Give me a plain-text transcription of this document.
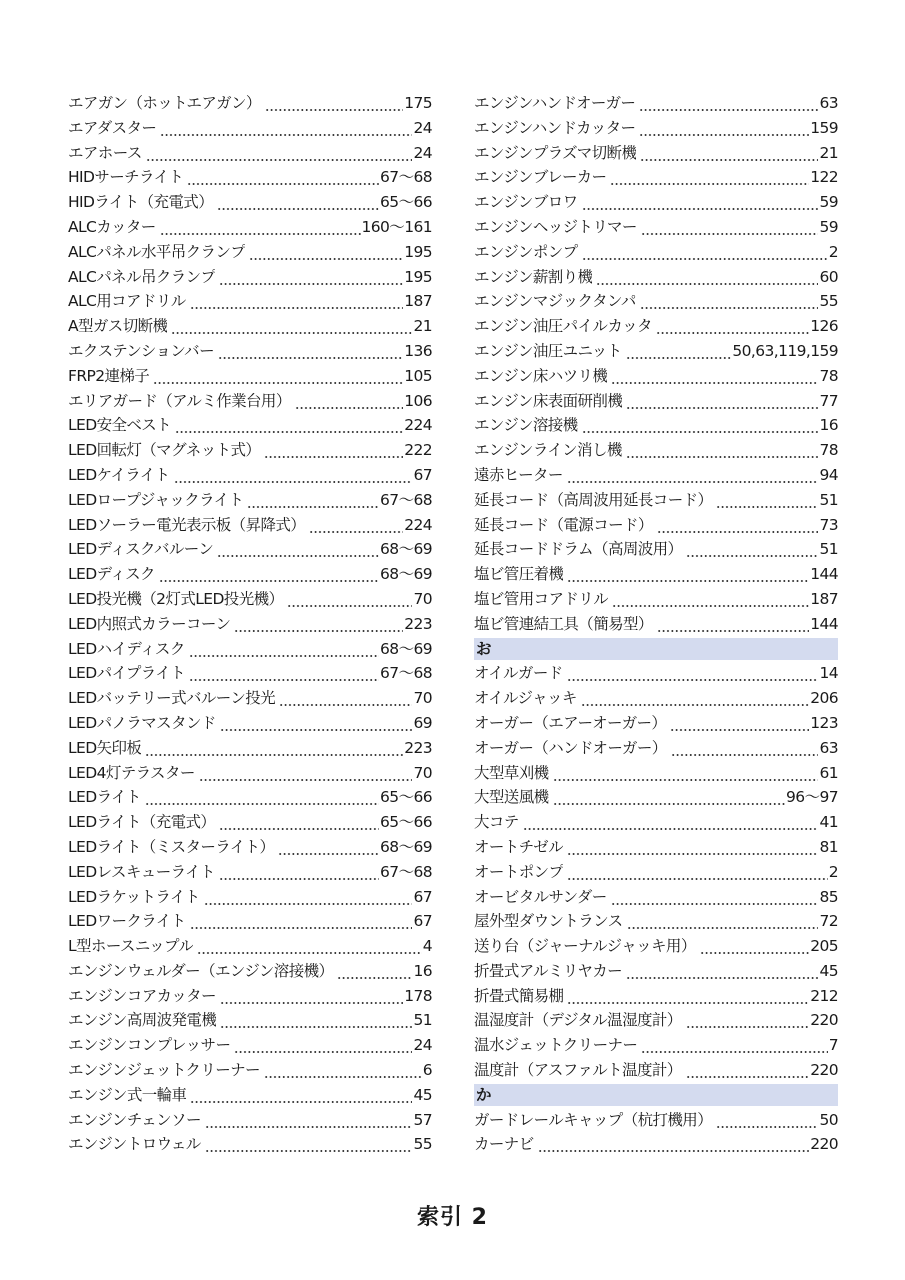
エアガン（ホットエアガン）	175
エアダスター	24
エアホース	24
HIDサーチライト	67～68
HIDライト（充電式）	65～66
ALCカッター	160～161
ALCパネル水平吊クランプ	195
ALCパネル吊クランプ	195
ALC用コアドリル	187
A型ガス切断機	21
エクステンションバー	136
FRP2連梯子	105
エリアガード（アルミ作業台用）	106
LED安全ベスト	224
LED回転灯（マグネット式）	222
LEDケイライト	67
LEDロープジャックライト	67～68
LEDソーラー電光表示板（昇降式）	224
LEDディスクバルーン	68～69
LEDディスク	68～69
LED投光機（2灯式LED投光機）	70
LED内照式カラーコーン	223
LEDハイディスク	68～69
LEDパイプライト	67～68
LEDバッテリー式バルーン投光	70
LEDパノラマスタンド	69
LED矢印板	223
LED4灯テラスター	70
LEDライト	65～66
LEDライト（充電式）	65～66
LEDライト（ミスターライト）	68～69
LEDレスキューライト	67～68
LEDラケットライト	67
LEDワークライト	67
L型ホースニップル	4
エンジンウェルダー（エンジン溶接機）	16
エンジンコアカッター	178
エンジン高周波発電機	51
エンジンコンプレッサー	24
エンジンジェットクリーナー	6
エンジン式一輪車	45
エンジンチェンソー	57
エンジントロウェル	55
エンジンハンドオーガー	63
エンジンハンドカッター	159
エンジンプラズマ切断機	21
エンジンブレーカー	122
エンジンブロワ	59
エンジンヘッジトリマー	59
エンジンポンプ	2
エンジン薪割り機	60
エンジンマジックタンパ	55
エンジン油圧パイルカッタ	126
エンジン油圧ユニット	50,63,119,159
エンジン床ハツリ機	78
エンジン床表面研削機	77
エンジン溶接機	16
エンジンライン消し機	78
遠赤ヒーター	94
延長コード（高周波用延長コード）	51
延長コード（電源コード）	73
延長コードドラム（高周波用）	51
塩ビ管圧着機	144
塩ビ管用コアドリル	187
塩ビ管連結工具（簡易型）	144
お
オイルガード	14
オイルジャッキ	206
オーガー（エアーオーガー）	123
オーガー（ハンドオーガー）	63
大型草刈機	61
大型送風機	96～97
大コテ	41
オートチゼル	81
オートポンプ	2
オービタルサンダー	85
屋外型ダウントランス	72
送り台（ジャーナルジャッキ用）	205
折畳式アルミリヤカー	45
折畳式簡易棚	212
温湿度計（デジタル温湿度計）	220
温水ジェットクリーナー	7
温度計（アスファルト温度計）	220
か
ガードレールキャップ（杭打機用）	50
カーナビ	220
索引 2
